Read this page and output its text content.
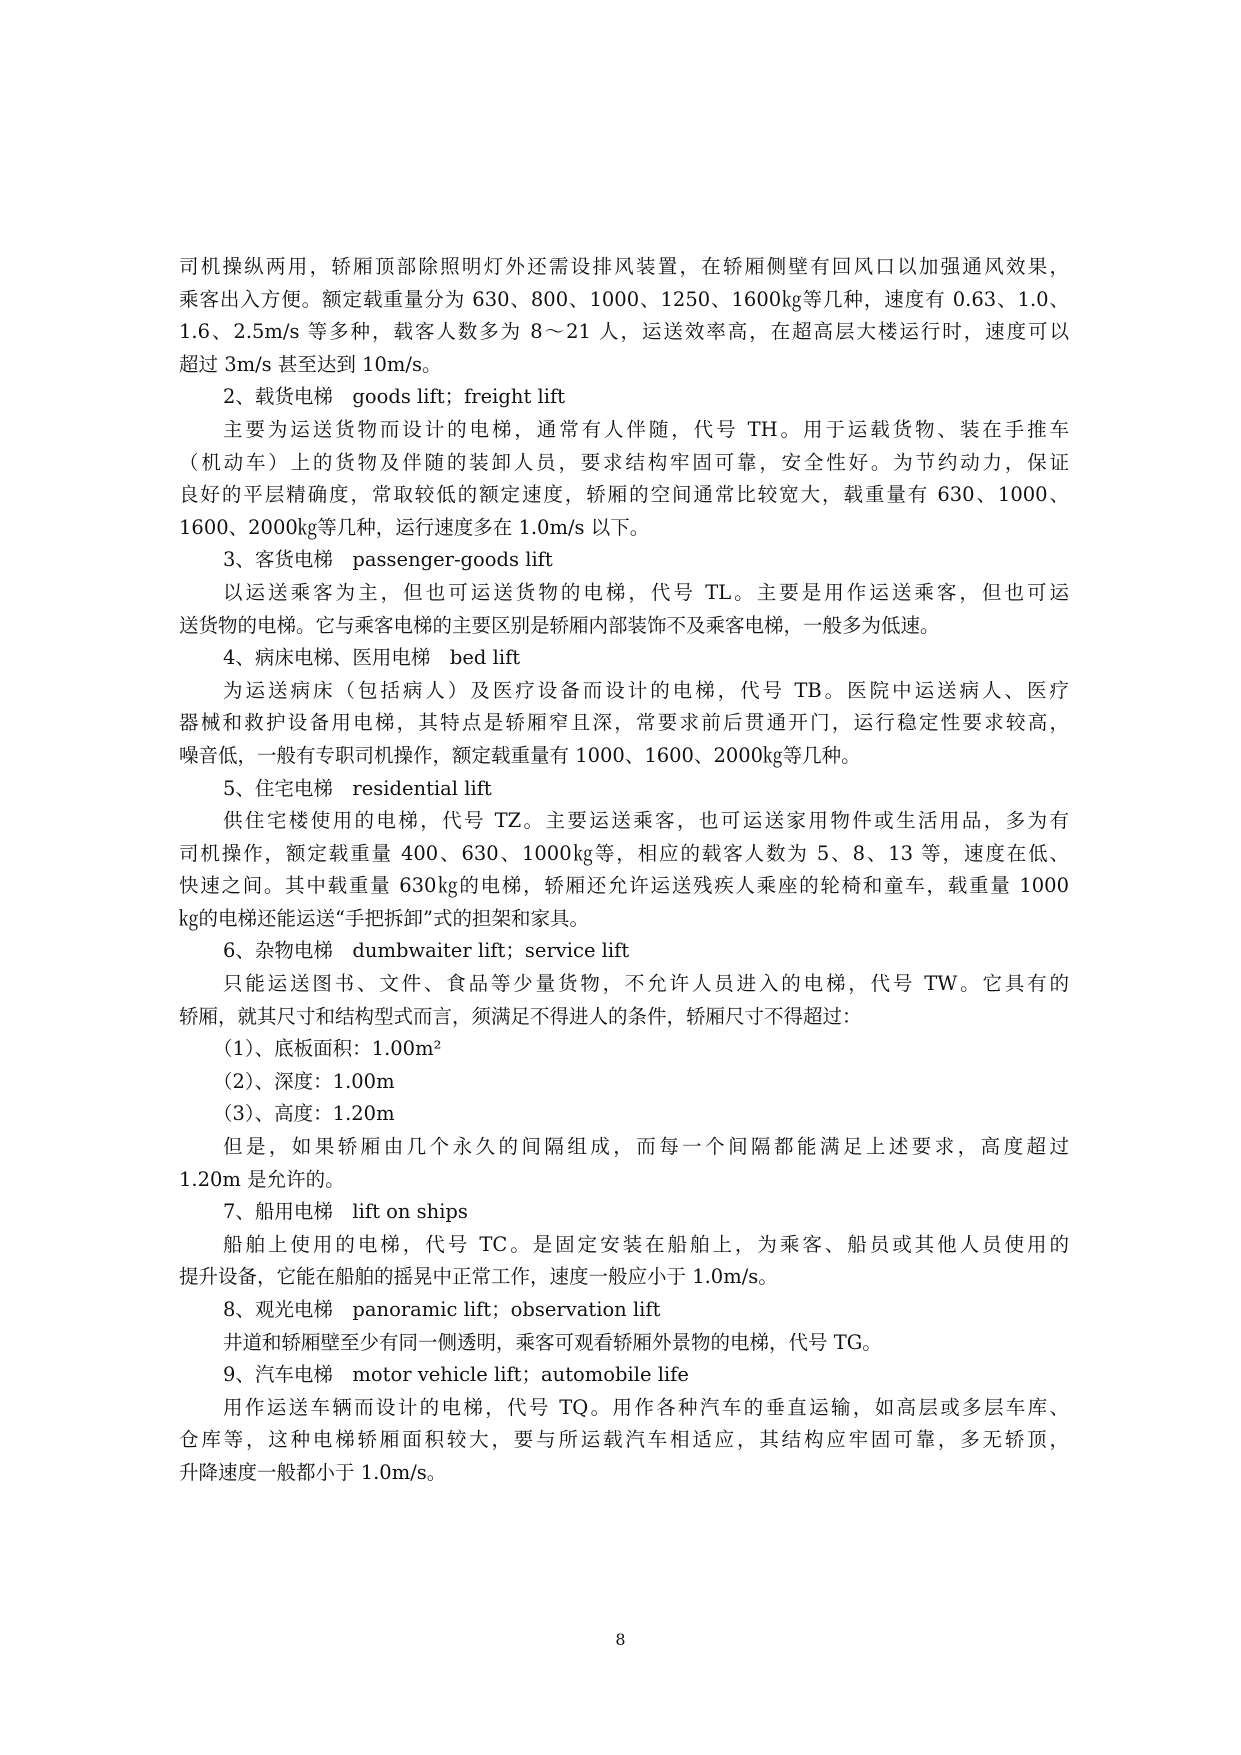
司机操纵两用，轿厢顶部除照明灯外还需设排风装置，在轿厢侧壁有回风口以加强通风效果，
乘客出入方便。额定载重量分为 630、800、1000、1250、1600㎏等几种，速度有 0.63、1.0、
1.6、2.5m/s 等多种，载客人数多为 8～21 人，运送效率高，在超高层大楼运行时，速度可以
超过 3m/s 甚至达到 10m/s。
2、载货电梯　goods lift；freight lift
主要为运送货物而设计的电梯，通常有人伴随，代号 TH。用于运载货物、装在手推车
（机动车）上的货物及伴随的装卸人员，要求结构牢固可靠，安全性好。为节约动力，保证
良好的平层精确度，常取较低的额定速度，轿厢的空间通常比较宽大，载重量有 630、1000、
1600、2000㎏等几种，运行速度多在 1.0m/s 以下。
3、客货电梯　passenger-goods lift
以运送乘客为主，但也可运送货物的电梯，代号 TL。主要是用作运送乘客，但也可运
送货物的电梯。它与乘客电梯的主要区别是轿厢内部装饰不及乘客电梯，一般多为低速。
4、病床电梯、医用电梯　bed lift
为运送病床（包括病人）及医疗设备而设计的电梯，代号 TB。医院中运送病人、医疗
器械和救护设备用电梯，其特点是轿厢窄且深，常要求前后贯通开门，运行稳定性要求较高，
噪音低，一般有专职司机操作，额定载重量有 1000、1600、2000㎏等几种。
5、住宅电梯　residential lift
供住宅楼使用的电梯，代号 TZ。主要运送乘客，也可运送家用物件或生活用品，多为有
司机操作，额定载重量 400、630、1000㎏等，相应的载客人数为 5、8、13 等，速度在低、
快速之间。其中载重量 630㎏的电梯，轿厢还允许运送残疾人乘座的轮椅和童车，载重量 1000
㎏的电梯还能运送“手把拆卸”式的担架和家具。
6、杂物电梯　dumbwaiter lift；service lift
只能运送图书、文件、食品等少量货物，不允许人员进入的电梯，代号 TW。它具有的
轿厢，就其尺寸和结构型式而言，须满足不得进人的条件，轿厢尺寸不得超过：
（1）、底板面积：1.00m²
（2）、深度：1.00m
（3）、高度：1.20m
但是，如果轿厢由几个永久的间隔组成，而每一个间隔都能满足上述要求，高度超过
1.20m 是允许的。
7、船用电梯　lift on ships
船舶上使用的电梯，代号 TC。是固定安装在船舶上，为乘客、船员或其他人员使用的
提升设备，它能在船舶的摇晃中正常工作，速度一般应小于 1.0m/s。
8、观光电梯　panoramic lift；observation lift
井道和轿厢壁至少有同一侧透明，乘客可观看轿厢外景物的电梯，代号 TG。
9、汽车电梯　motor vehicle lift；automobile life
用作运送车辆而设计的电梯，代号 TQ。用作各种汽车的垂直运输，如高层或多层车库、
仓库等，这种电梯轿厢面积较大，要与所运载汽车相适应，其结构应牢固可靠，多无轿顶，
升降速度一般都小于 1.0m/s。
8
